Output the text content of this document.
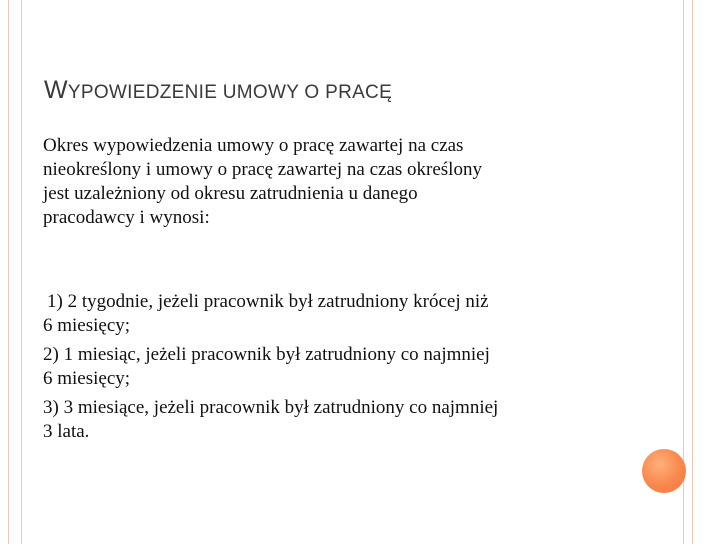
WYPOWIEDZENIE UMOWY O PRACĘ

Okres wypowiedzenia umowy o pracę zawartej na czas
nieokreślony i umowy o pracę zawartej na czas określony
jest uzależniony od okresu zatrudnienia u danego
pracodawcy i wynosi:

1) 2 tygodnie, jeżeli pracownik był zatrudniony krócej niż
6 miesięcy;
2) 1 miesiąc, jeżeli pracownik był zatrudniony co najmniej
6 miesięcy;
3) 3 miesiące, jeżeli pracownik był zatrudniony co najmniej
3 lata.
